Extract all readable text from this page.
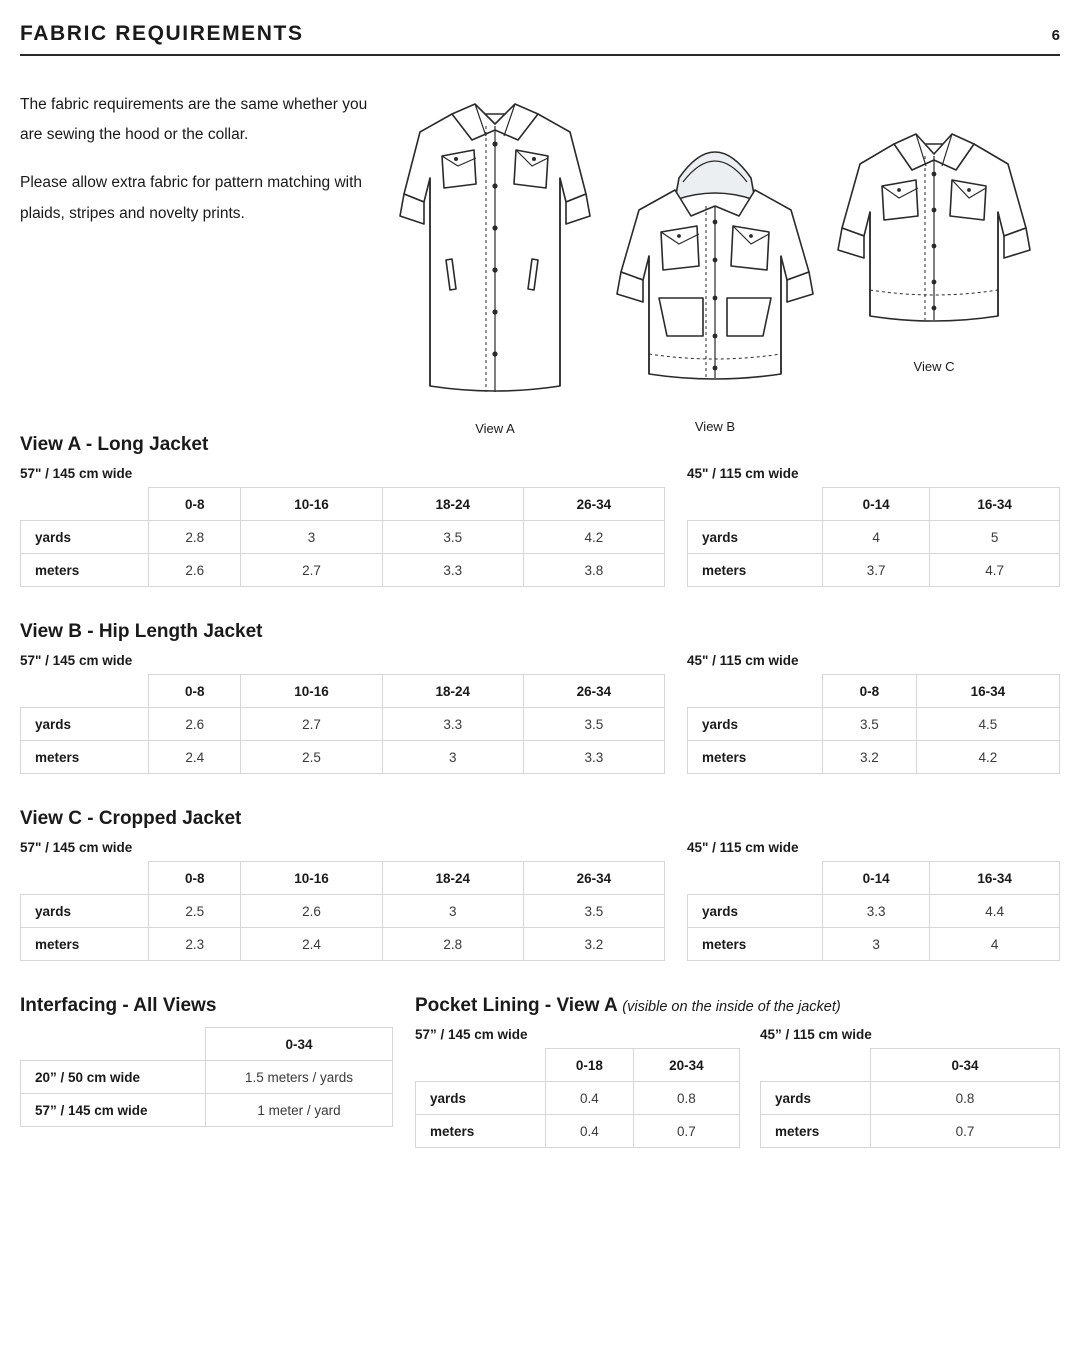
FABRIC REQUIREMENTS	6

The fabric requirements are the same whether you are sewing the hood or the collar.

Please allow extra fabric for pattern matching with plaids, stripes and novelty prints.

View A	View B
View C
View A - Long Jacket
57" / 145 cm wide
	0-8	10-16	18-24	26-34
yards	2.8	3	3.5	4.2
meters	2.6	2.7	3.3	3.8
45" / 115 cm wide
	0-14	16-34
yards	4	5
meters	3.7	4.7
View B - Hip Length Jacket
57" / 145 cm wide
	0-8	10-16	18-24	26-34
yards	2.6	2.7	3.3	3.5
meters	2.4	2.5	3	3.3
45" / 115 cm wide
	0-8	16-34
yards	3.5	4.5
meters	3.2	4.2
View C - Cropped Jacket
57" / 145 cm wide
	0-8	10-16	18-24	26-34
yards	2.5	2.6	3	3.5
meters	2.3	2.4	2.8	3.2
45" / 115 cm wide
	0-14	16-34
yards	3.3	4.4
meters	3	4
Interfacing - All Views
	0-34
20” / 50 cm wide	1.5 meters / yards
57” / 145 cm wide	1 meter / yard
Pocket Lining - View A (visible on the inside of the jacket)
57” / 145 cm wide
	0-18	20-34
yards	0.4	0.8
meters	0.4	0.7
45” / 115 cm wide
	0-34
yards	0.8
meters	0.7
